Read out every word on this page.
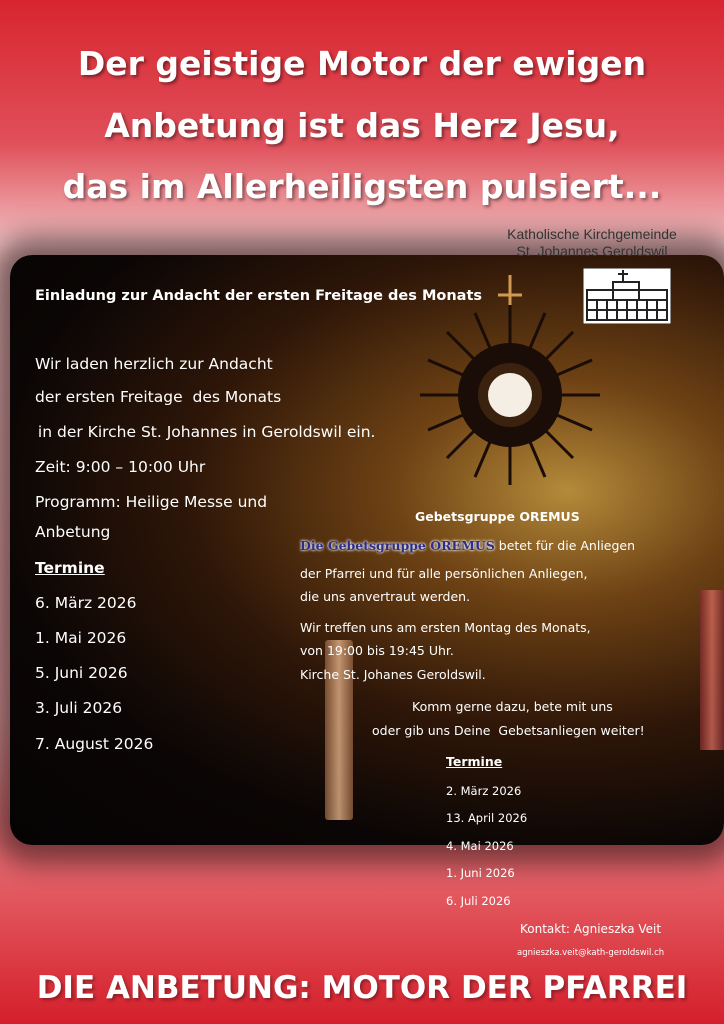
Der geistige Motor der ewigen
Anbetung ist das Herz Jesu,
das im Allerheiligsten pulsiert...
Katholische Kirchgemeinde
St. Johannes Geroldswil
Einladung zur Andacht der ersten Freitage des Monats
Wir laden herzlich zur Andacht
der ersten Freitage  des Monats
in der Kirche St. Johannes in Geroldswil ein.
Zeit: 9:00 – 10:00 Uhr
Programm: Heilige Messe und
Anbetung
Termine
6. März 2026
1. Mai 2026
5. Juni 2026
3. Juli 2026
7. August 2026
Gebetsgruppe OREMUS
Die Gebetsgruppe OREMUS betet für die Anliegen
der Pfarrei und für alle persönlichen Anliegen,
die uns anvertraut werden.
Wir treffen uns am ersten Montag des Monats,
von 19:00 bis 19:45 Uhr.
Kirche St. Johanes Geroldswil.
Komm gerne dazu, bete mit uns
oder gib uns Deine  Gebetsanliegen weiter!
Termine
2. März 2026
13. April 2026
4. Mai 2026
1. Juni 2026
6. Juli 2026
Kontakt: Agnieszka Veit
agnieszka.veit@kath-geroldswil.ch
DIE ANBETUNG: MOTOR DER PFARREI
